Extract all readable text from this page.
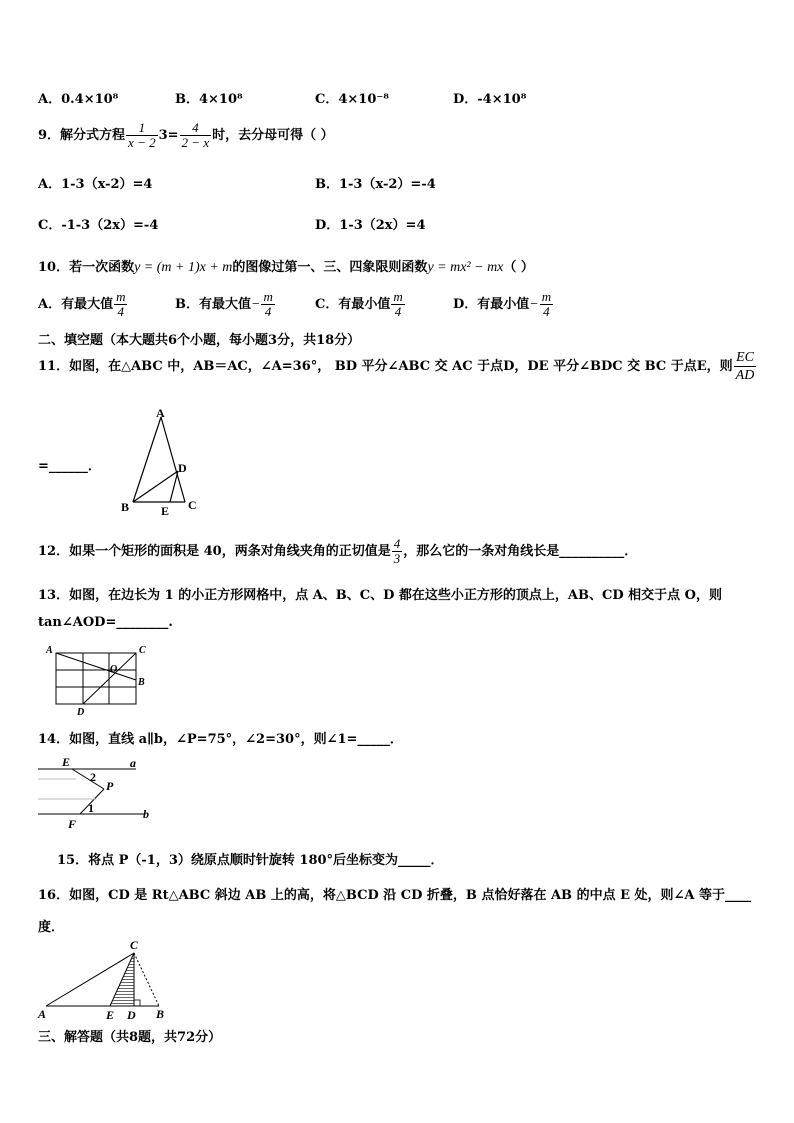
A．0.4×10⁸	B．4×10⁸	C．4×10⁻⁸	D．-4×10⁸
9．解分式方程 $\frac{1}{x - 2} 3= \frac{4}{2 - x}$ 时，去分母可得（ ）
A．1-3（x-2）=4	B．1-3（x-2）=-4
C．-1-3（2x）=-4	D．1-3（2x）=4
10．若一次函数y = (m + 1)x + m的图像过第一、三、四象限则函数y = mx² − mx（ ）
A．有最大值 $\frac{m}{4}$	B．有最大值− $\frac{m}{4}$	C．有最小值 $\frac{m}{4}$	D．有最小值− $\frac{m}{4}$
二、填空题（本大题共6个小题，每小题3分，共18分）
11．如图，在△ABC 中，AB＝AC，∠A=36°， BD 平分∠ABC 交 AC 于点D，DE 平分∠BDC 交 BC 于点E，则 $\frac{EC}{AD}$
=______．
A
B	C
D
E
12．如果一个矩形的面积是 40，两条对角线夹角的正切值是 $\frac{4}{3}$ ，那么它的一条对角线长是__________．
13．如图，在边长为 1 的小正方形网格中，点 A、B、C、D 都在这些小正方形的顶点上，AB、CD 相交于点 O，则
tan∠AOD=________.
A	C
B
D
O
14．如图，直线 a∥b，∠P=75°，∠2=30°，则∠1=_____．
E	a
2
P
1
F
b
15．将点 P（-1，3）绕原点顺时针旋转 180°后坐标变为_____．
16．如图，CD 是 Rt△ABC 斜边 AB 上的高，将△BCD 沿 CD 折叠，B 点恰好落在 AB 的中点 E 处，则∠A 等于____
度．
C
A	E D B
三、解答题（共8题，共72分）
